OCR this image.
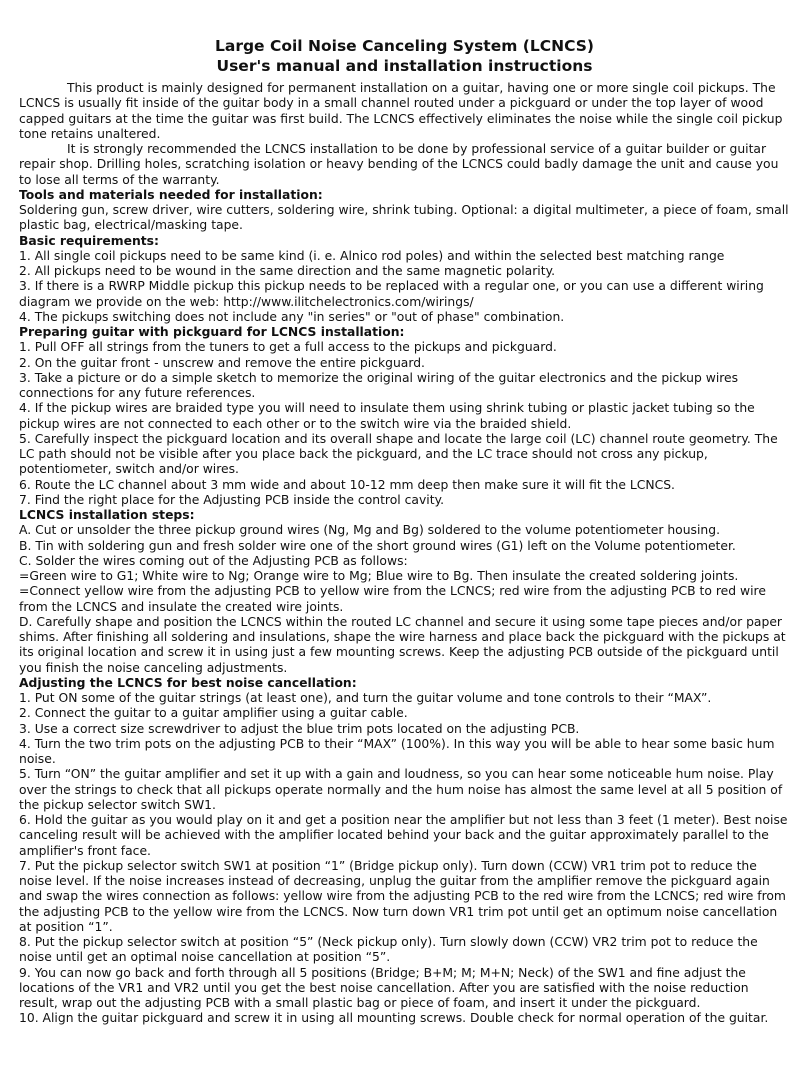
Large Coil Noise Canceling System (LCNCS)
User's manual and installation instructions

This product is mainly designed for permanent installation on a guitar, having one or more single coil pickups. The LCNCS is usually fit inside of the guitar body in a small channel routed under a pickguard or under the top layer of wood capped guitars at the time the guitar was first build. The LCNCS effectively eliminates the noise while the single coil pickup tone retains unaltered.

It is strongly recommended the LCNCS installation to be done by professional service of a guitar builder or guitar repair shop. Drilling holes, scratching isolation or heavy bending of the LCNCS could badly damage the unit and cause you to lose all terms of the warranty.

Tools and materials needed for installation:

Soldering gun, screw driver, wire cutters, soldering wire, shrink tubing. Optional: a digital multimeter, a piece of foam, small plastic bag, electrical/masking tape.

Basic requirements:

1. All single coil pickups need to be same kind (i. e. Alnico rod poles) and within the selected best matching range

2. All pickups need to be wound in the same direction and the same magnetic polarity.

3. If there is a RWRP Middle pickup this pickup needs to be replaced with a regular one, or you can use a different wiring diagram we provide on the web: http://www.ilitchelectronics.com/wirings/

4. The pickups switching does not include any "in series" or "out of phase" combination.

Preparing guitar with pickguard for LCNCS installation:

1. Pull OFF all strings from the tuners to get a full access to the pickups and pickguard.

2. On the guitar front - unscrew and remove the entire pickguard.

3. Take a picture or do a simple sketch to memorize the original wiring of the guitar electronics and the pickup wires connections for any future references.

4. If the pickup wires are braided type you will need to insulate them using shrink tubing or plastic jacket tubing so the pickup wires are not connected to each other or to the switch wire via the braided shield.

5. Carefully inspect the pickguard location and its overall shape and locate the large coil (LC) channel route geometry. The LC path should not be visible after you place back the pickguard, and the LC trace should not cross any pickup, potentiometer, switch and/or wires.

6. Route the LC channel about 3 mm wide and about 10-12 mm deep then make sure it will fit the LCNCS.

7. Find the right place for the Adjusting PCB inside the control cavity.

LCNCS installation steps:

A. Cut or unsolder the three pickup ground wires (Ng, Mg and Bg) soldered to the volume potentiometer housing.

B. Tin with soldering gun and fresh solder wire one of the short ground wires (G1) left on the Volume potentiometer.

C. Solder the wires coming out of the Adjusting PCB as follows:

=Green wire to G1; White wire to Ng; Orange wire to Mg; Blue wire to Bg. Then insulate the created soldering joints.

=Connect yellow wire from the adjusting PCB to yellow wire from the LCNCS; red wire from the adjusting PCB to red wire from the LCNCS and insulate the created wire joints.

D. Carefully shape and position the LCNCS within the routed LC channel and secure it using some tape pieces and/or paper shims. After finishing all soldering and insulations, shape the wire harness and place back the pickguard with the pickups at its original location and screw it in using just a few mounting screws. Keep the adjusting PCB outside of the pickguard until you finish the noise canceling adjustments.

Adjusting the LCNCS for best noise cancellation:

1. Put ON some of the guitar strings (at least one), and turn the guitar volume and tone controls to their “MAX”.

2. Connect the guitar to a guitar amplifier using a guitar cable.

3. Use a correct size screwdriver to adjust the blue trim pots located on the adjusting PCB.

4. Turn the two trim pots on the adjusting PCB to their “MAX” (100%). In this way you will be able to hear some basic hum noise.

5. Turn “ON” the guitar amplifier and set it up with a gain and loudness, so you can hear some noticeable hum noise. Play over the strings to check that all pickups operate normally and the hum noise has almost the same level at all 5 position of the pickup selector switch SW1.

6. Hold the guitar as you would play on it and get a position near the amplifier but not less than 3 feet (1 meter). Best noise canceling result will be achieved with the amplifier located behind your back and the guitar approximately parallel to the amplifier's front face.

7. Put the pickup selector switch SW1 at position “1” (Bridge pickup only). Turn down (CCW) VR1 trim pot to reduce the noise level. If the noise increases instead of decreasing, unplug the guitar from the amplifier remove the pickguard again and swap the wires connection as follows: yellow wire from the adjusting PCB to the red wire from the LCNCS; red wire from the adjusting PCB to the yellow wire from the LCNCS. Now turn down VR1 trim pot until get an optimum noise cancellation at position “1”.

8. Put the pickup selector switch at position “5” (Neck pickup only). Turn slowly down (CCW) VR2 trim pot to reduce the noise until get an optimal noise cancellation at position “5”.

9. You can now go back and forth through all 5 positions (Bridge; B+M; M; M+N; Neck) of the SW1 and fine adjust the locations of the VR1 and VR2 until you get the best noise cancellation. After you are satisfied with the noise reduction result, wrap out the adjusting PCB with a small plastic bag or piece of foam, and insert it under the pickguard.

10. Align the guitar pickguard and screw it in using all mounting screws. Double check for normal operation of the guitar.
